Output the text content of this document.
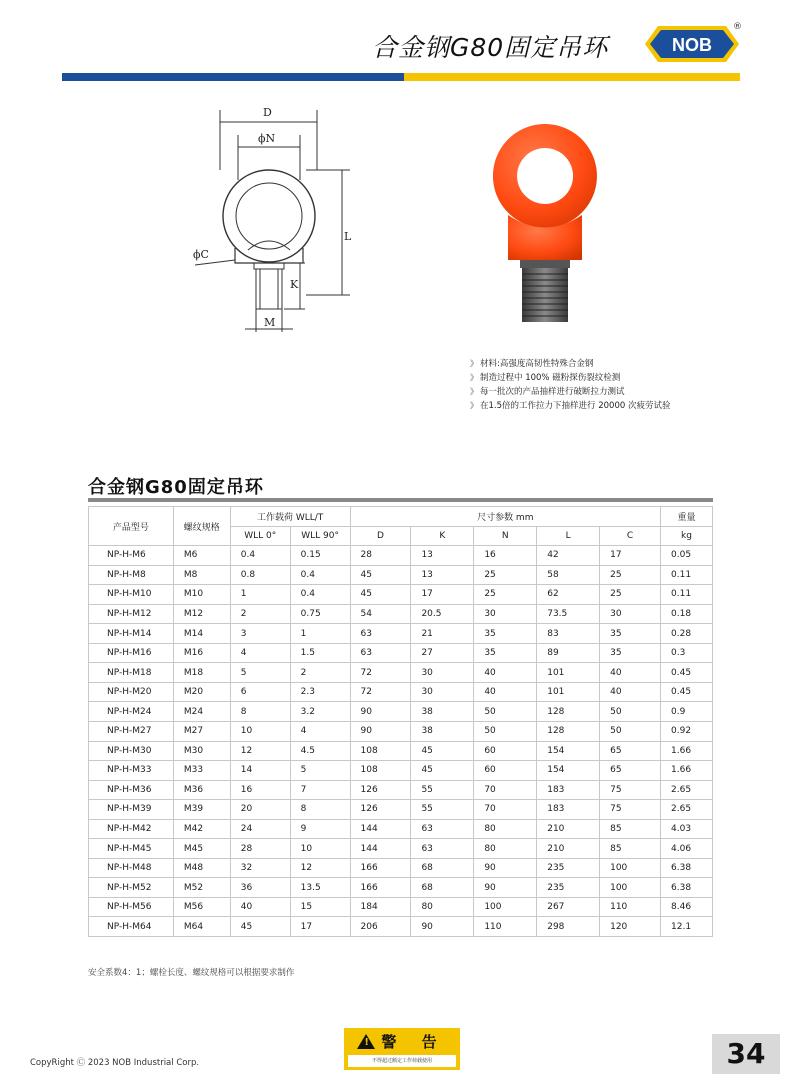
合金钢G80固定吊环	NOB
®
D
ϕN
ϕC
L
K
M
》 材料:高强度高韧性特殊合金钢
》 制造过程中 100% 磁粉探伤裂纹检测
》 每一批次的产品抽样进行破断拉力测试
》 在1.5倍的工作拉力下抽样进行 20000 次疲劳试验
合金钢G80固定吊环
产品型号	螺纹规格	工作载荷 WLL/T		尺寸参数 mm					重量
		WLL 0°	WLL 90°	D	K	N	L	C	kg
NP-H-M6	M6	0.4	0.15	28	13	16	42	17	0.05
NP-H-M8	M8	0.8	0.4	45	13	25	58	25	0.11
NP-H-M10	M10	1	0.4	45	17	25	62	25	0.11
NP-H-M12	M12	2	0.75	54	20.5	30	73.5	30	0.18
NP-H-M14	M14	3	1	63	21	35	83	35	0.28
NP-H-M16	M16	4	1.5	63	27	35	89	35	0.3
NP-H-M18	M18	5	2	72	30	40	101	40	0.45
NP-H-M20	M20	6	2.3	72	30	40	101	40	0.45
NP-H-M24	M24	8	3.2	90	38	50	128	50	0.9
NP-H-M27	M27	10	4	90	38	50	128	50	0.92
NP-H-M30	M30	12	4.5	108	45	60	154	65	1.66
NP-H-M33	M33	14	5	108	45	60	154	65	1.66
NP-H-M36	M36	16	7	126	55	70	183	75	2.65
NP-H-M39	M39	20	8	126	55	70	183	75	2.65
NP-H-M42	M42	24	9	144	63	80	210	85	4.03
NP-H-M45	M45	28	10	144	63	80	210	85	4.06
NP-H-M48	M48	32	12	166	68	90	235	100	6.38
NP-H-M52	M52	36	13.5	166	68	90	235	100	6.38
NP-H-M56	M56	40	15	184	80	100	267	110	8.46
NP-H-M64	M64	45	17	206	90	110	298	120	12.1
安全系数4：1；螺栓长度、螺纹规格可以根据要求制作
! 警 告
不得超过额定工作荷载使用
CopyRight Ⓒ 2023 NOB Industrial Corp.	34
